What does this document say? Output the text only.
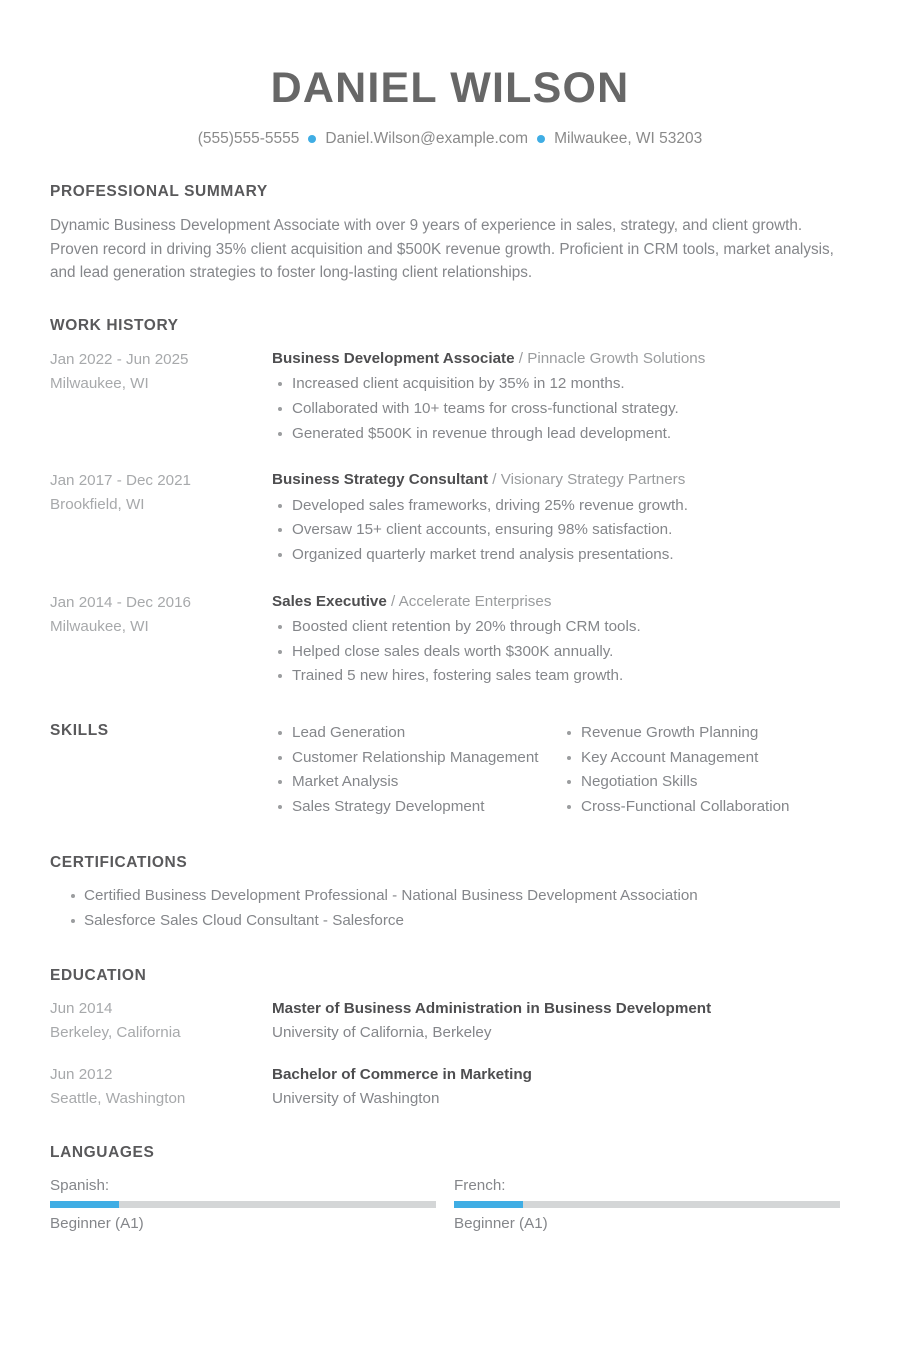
DANIEL WILSON
(555)555-5555 Daniel.Wilson@example.com Milwaukee, WI 53203
PROFESSIONAL SUMMARY

Dynamic Business Development Associate with over 9 years of experience in sales, strategy, and client growth. Proven record in driving 35% client acquisition and $500K revenue growth. Proficient in CRM tools, market analysis, and lead generation strategies to foster long-lasting client relationships.

WORK HISTORY
Jan 2022 - Jun 2025
Milwaukee, WI
Business Development Associate / Pinnacle Growth Solutions
Increased client acquisition by 35% in 12 months.
Collaborated with 10+ teams for cross-functional strategy.
Generated $500K in revenue through lead development.
Jan 2017 - Dec 2021
Brookfield, WI
Business Strategy Consultant / Visionary Strategy Partners
Developed sales frameworks, driving 25% revenue growth.
Oversaw 15+ client accounts, ensuring 98% satisfaction.
Organized quarterly market trend analysis presentations.
Jan 2014 - Dec 2016
Milwaukee, WI
Sales Executive / Accelerate Enterprises
Boosted client retention by 20% through CRM tools.
Helped close sales deals worth $300K annually.
Trained 5 new hires, fostering sales team growth.
SKILLS	Lead Generation
Customer Relationship Management
Market Analysis
Sales Strategy Development
Revenue Growth Planning
Key Account Management
Negotiation Skills
Cross-Functional Collaboration
CERTIFICATIONS
Certified Business Development Professional - National Business Development Association
Salesforce Sales Cloud Consultant - Salesforce
EDUCATION
Jun 2014
Berkeley, California
Master of Business Administration in Business Development
University of California, Berkeley
Jun 2012
Seattle, Washington
Bachelor of Commerce in Marketing
University of Washington
LANGUAGES
Spanish:
Beginner (A1)
French:
Beginner (A1)
